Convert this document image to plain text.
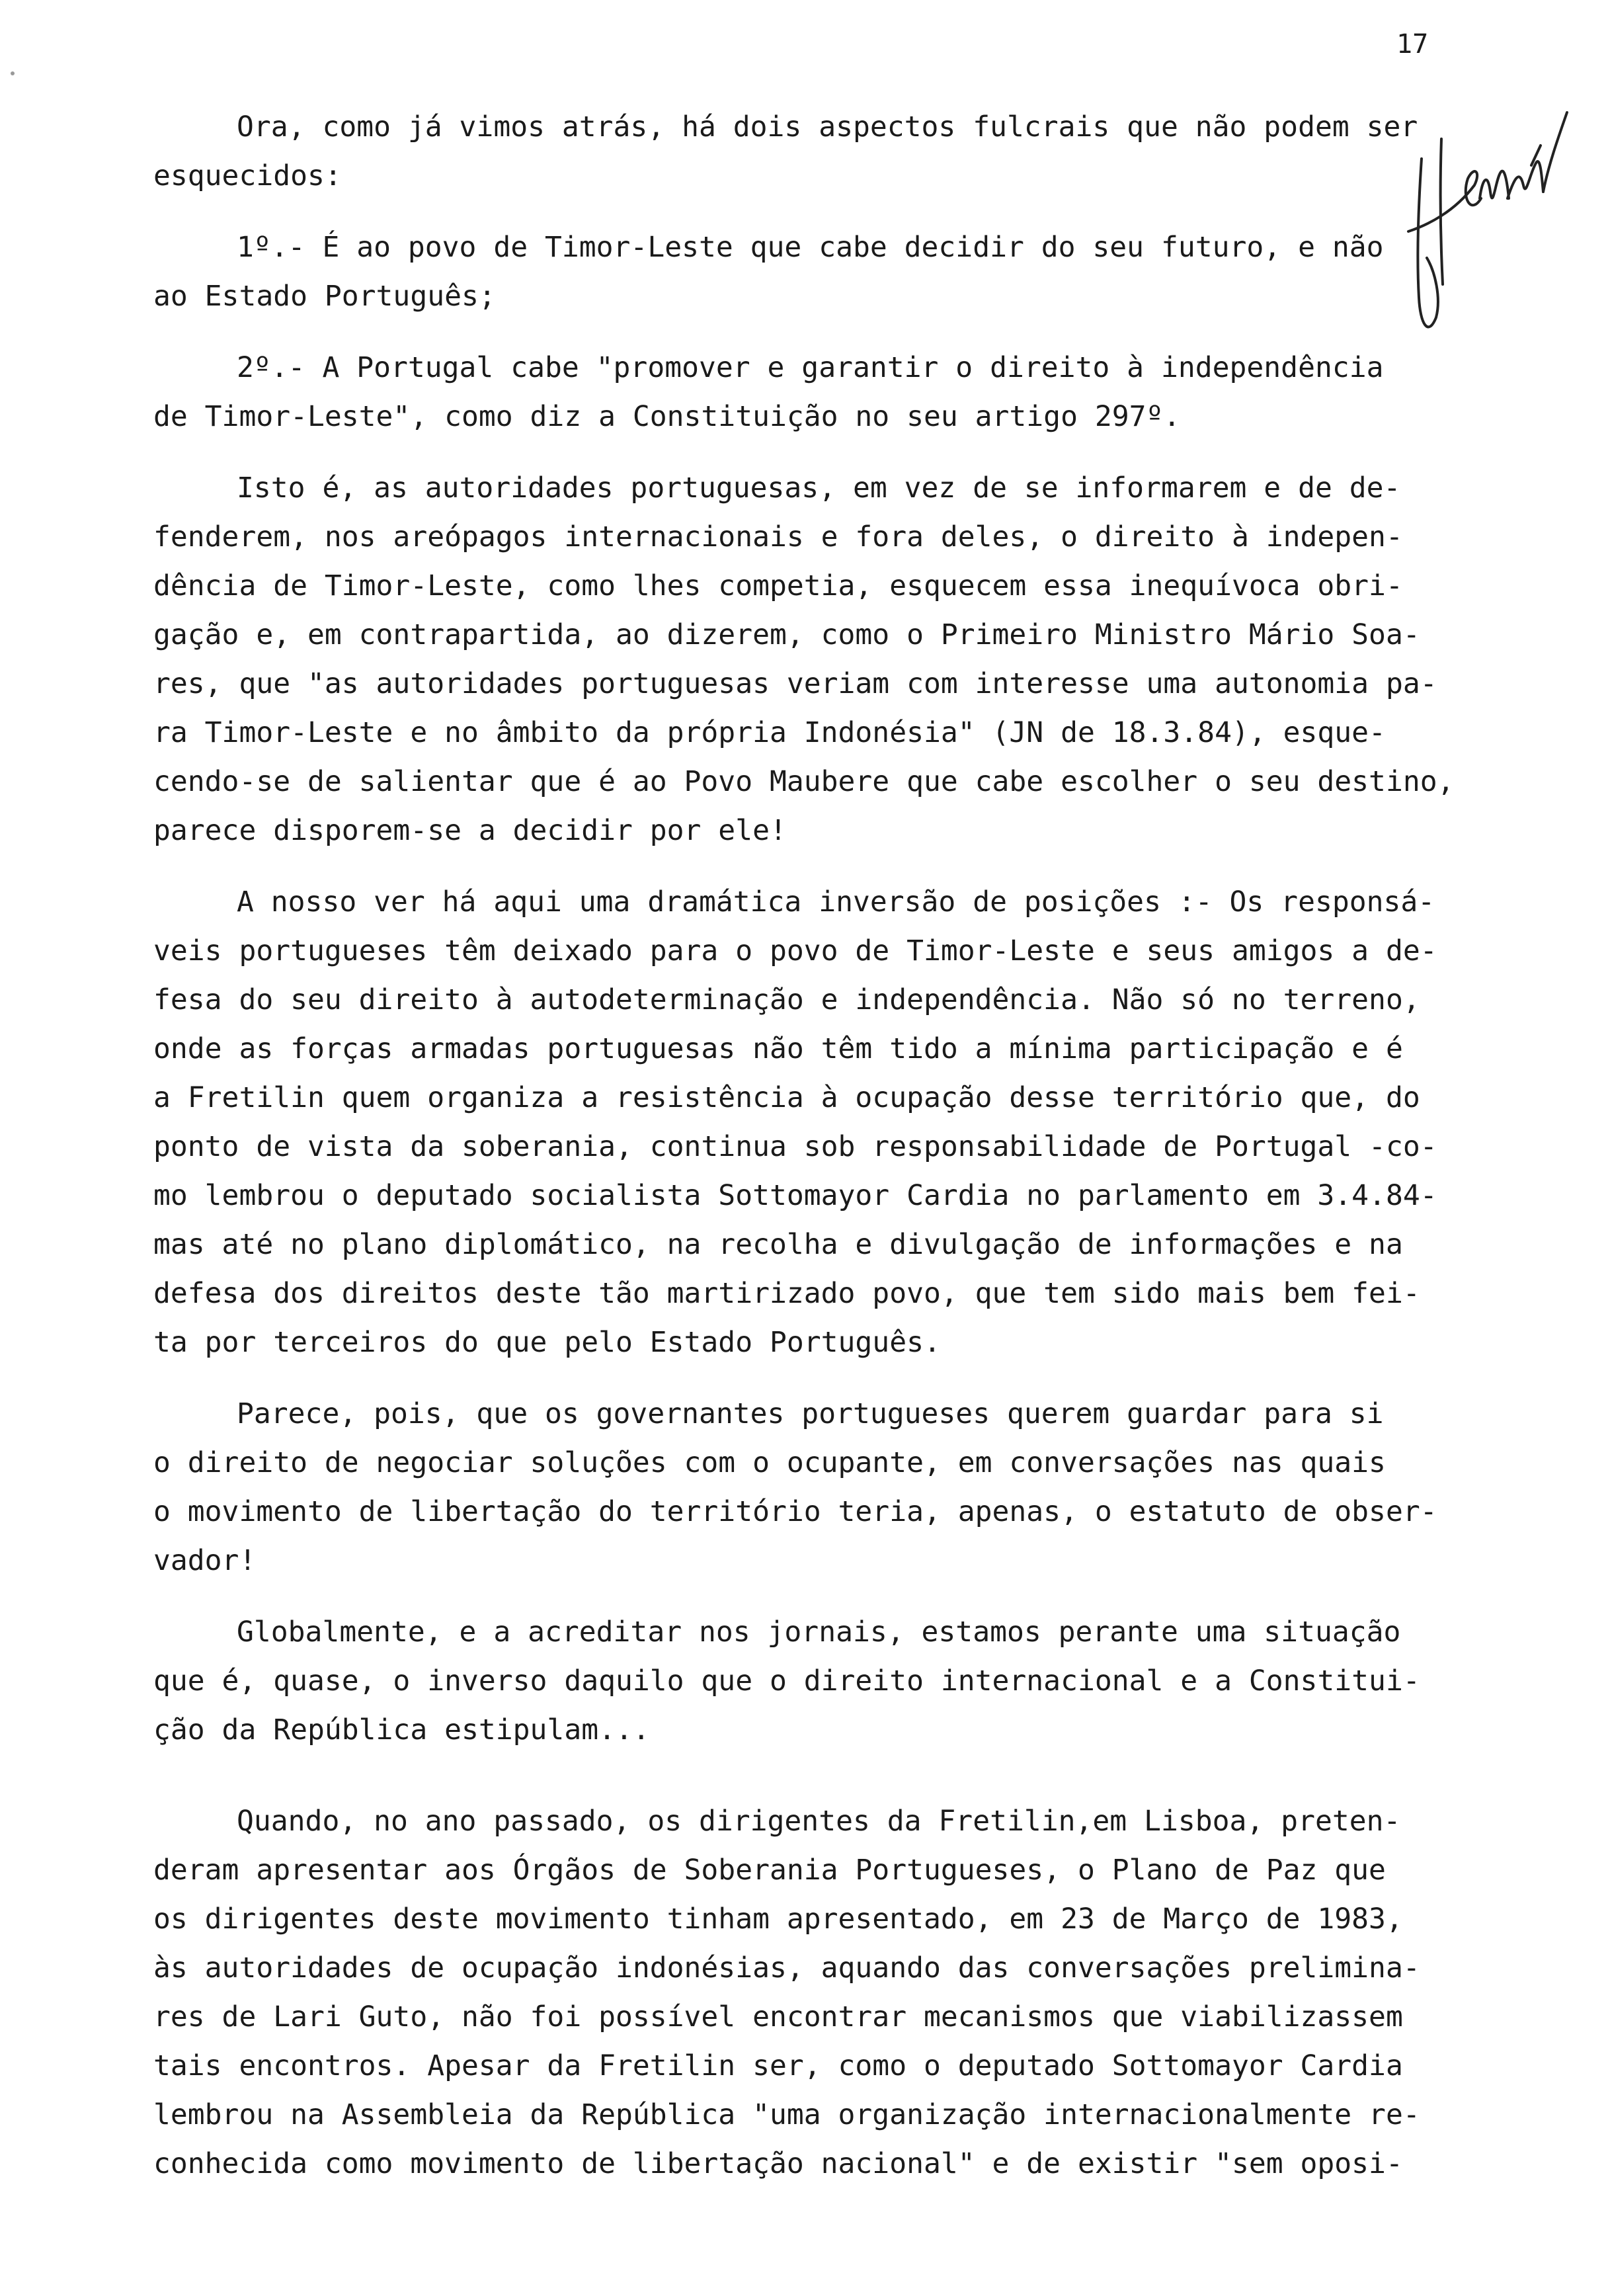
17

Ora, como já vimos atrás, há dois aspectos fulcrais que não podem ser
esquecidos:

1º.- É ao povo de Timor-Leste que cabe decidir do seu futuro, e não
ao Estado Português;

2º.- A Portugal cabe "promover e garantir o direito à independência
de Timor-Leste", como diz a Constituição no seu artigo 297º.

Isto é, as autoridades portuguesas, em vez de se informarem e de de-
fenderem, nos areópagos internacionais e fora deles, o direito à indepen-
dência de Timor-Leste, como lhes competia, esquecem essa inequívoca obri-
gação e, em contrapartida, ao dizerem, como o Primeiro Ministro Mário Soa-
res, que "as autoridades portuguesas veriam com interesse uma autonomia pa-
ra Timor-Leste e no âmbito da própria Indonésia" (JN de 18.3.84), esque-
cendo-se de salientar que é ao Povo Maubere que cabe escolher o seu destino,
parece disporem-se a decidir por ele!

A nosso ver há aqui uma dramática inversão de posições :- Os responsá-
veis portugueses têm deixado para o povo de Timor-Leste e seus amigos a de-
fesa do seu direito à autodeterminação e independência. Não só no terreno,
onde as forças armadas portuguesas não têm tido a mínima participação e é
a Fretilin quem organiza a resistência à ocupação desse território que, do
ponto de vista da soberania, continua sob responsabilidade de Portugal -co-
mo lembrou o deputado socialista Sottomayor Cardia no parlamento em 3.4.84-
mas até no plano diplomático, na recolha e divulgação de informações e na
defesa dos direitos deste tão martirizado povo, que tem sido mais bem fei-
ta por terceiros do que pelo Estado Português.

Parece, pois, que os governantes portugueses querem guardar para si
o direito de negociar soluções com o ocupante, em conversações nas quais
o movimento de libertação do território teria, apenas, o estatuto de obser-
vador!

Globalmente, e a acreditar nos jornais, estamos perante uma situação
que é, quase, o inverso daquilo que o direito internacional e a Constitui-
ção da República estipulam...

Quando, no ano passado, os dirigentes da Fretilin,em Lisboa, preten-
deram apresentar aos Órgãos de Soberania Portugueses, o Plano de Paz que
os dirigentes deste movimento tinham apresentado, em 23 de Março de 1983,
às autoridades de ocupação indonésias, aquando das conversações prelimina-
res de Lari Guto, não foi possível encontrar mecanismos que viabilizassem
tais encontros. Apesar da Fretilin ser, como o deputado Sottomayor Cardia
lembrou na Assembleia da República "uma organização internacionalmente re-
conhecida como movimento de libertação nacional" e de existir "sem oposi-
